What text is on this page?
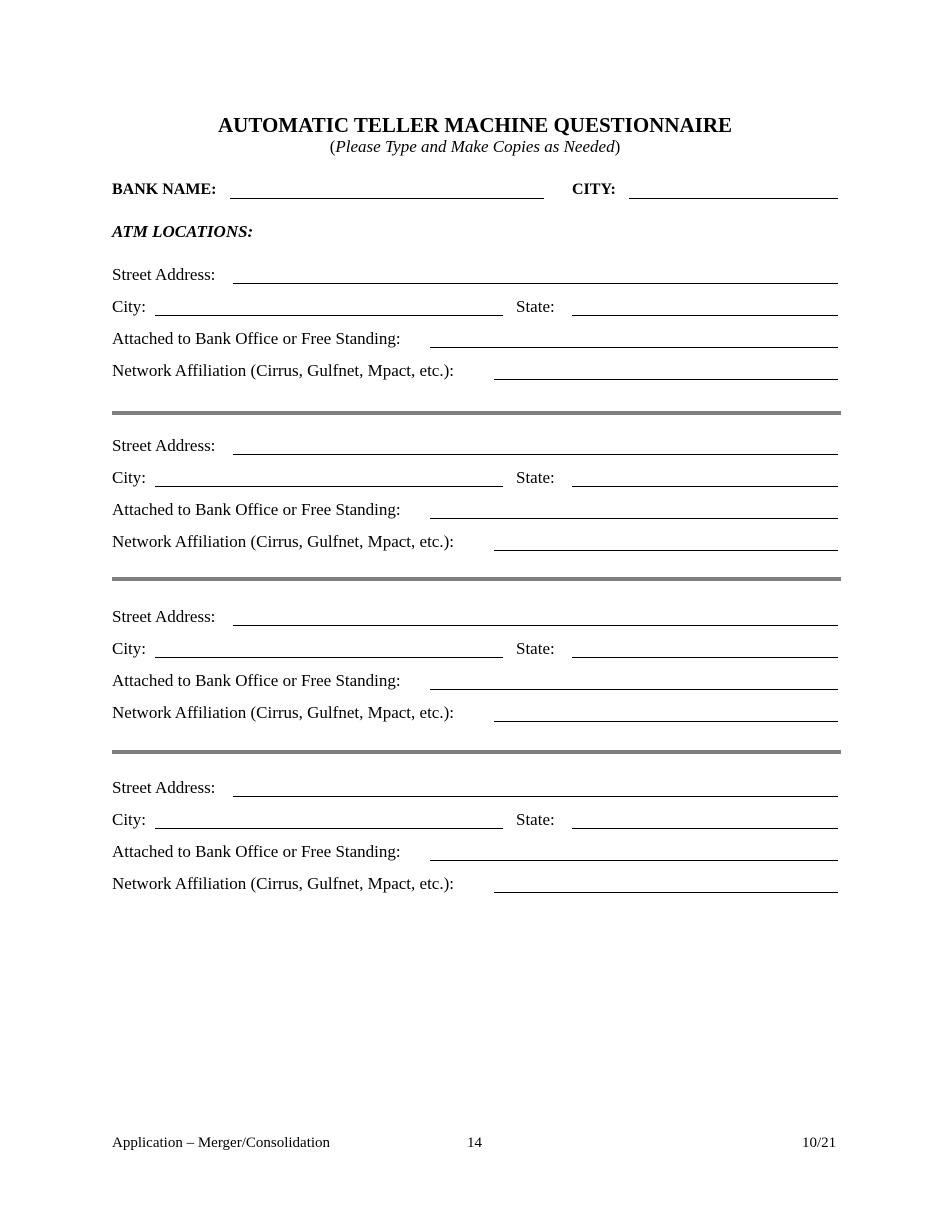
AUTOMATIC TELLER MACHINE QUESTIONNAIRE
(Please Type and Make Copies as Needed)
BANK NAME:	CITY:
ATM LOCATIONS:
Street Address:
City:	State:
Attached to Bank Office or Free Standing:
Network Affiliation (Cirrus, Gulfnet, Mpact, etc.):
Street Address:
City:	State:
Attached to Bank Office or Free Standing:
Network Affiliation (Cirrus, Gulfnet, Mpact, etc.):
Street Address:
City:	State:
Attached to Bank Office or Free Standing:
Network Affiliation (Cirrus, Gulfnet, Mpact, etc.):
Street Address:
City:	State:
Attached to Bank Office or Free Standing:
Network Affiliation (Cirrus, Gulfnet, Mpact, etc.):
Application – Merger/Consolidation	14	10/21
